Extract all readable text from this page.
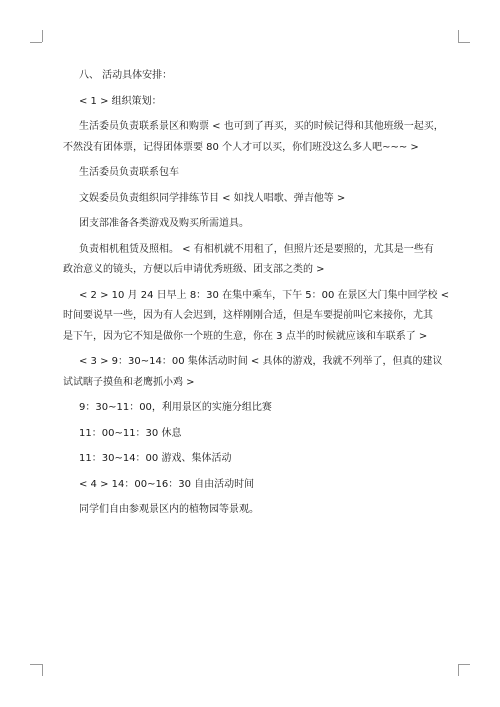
八、 活动具体安排：

< 1 > 组织策划：

生活委员负责联系景区和购票 < 也可到了再买，买的时候记得和其他班级一起买，

不然没有团体票，记得团体票要 80 个人才可以买，你们班没这么多人吧~~~ >

生活委员负责联系包车

文娱委员负责组织同学排练节目 < 如找人唱歌、弹吉他等 >

团支部准备各类游戏及购买所需道具。

负责相机租赁及照相。 < 有相机就不用租了，但照片还是要照的，尤其是一些有

政治意义的镜头，方便以后申请优秀班级、团支部之类的 >

< 2 > 10 月 24 日早上 8：30 在集中乘车，下午 5：00 在景区大门集中回学校 <

时间要说早一些，因为有人会迟到，这样刚刚合适，但是车要提前叫它来接你，尤其

是下午，因为它不知是做你一个班的生意，你在 3 点半的时候就应该和车联系了 >

< 3 > 9：30~14：00 集体活动时间 < 具体的游戏，我就不列举了，但真的建议

试试瞎子摸鱼和老鹰抓小鸡 >

9：30~11：00，利用景区的实施分组比赛

11：00~11：30 休息

11：30~14：00 游戏、集体活动

< 4 > 14：00~16：30 自由活动时间

同学们自由参观景区内的植物园等景观。
